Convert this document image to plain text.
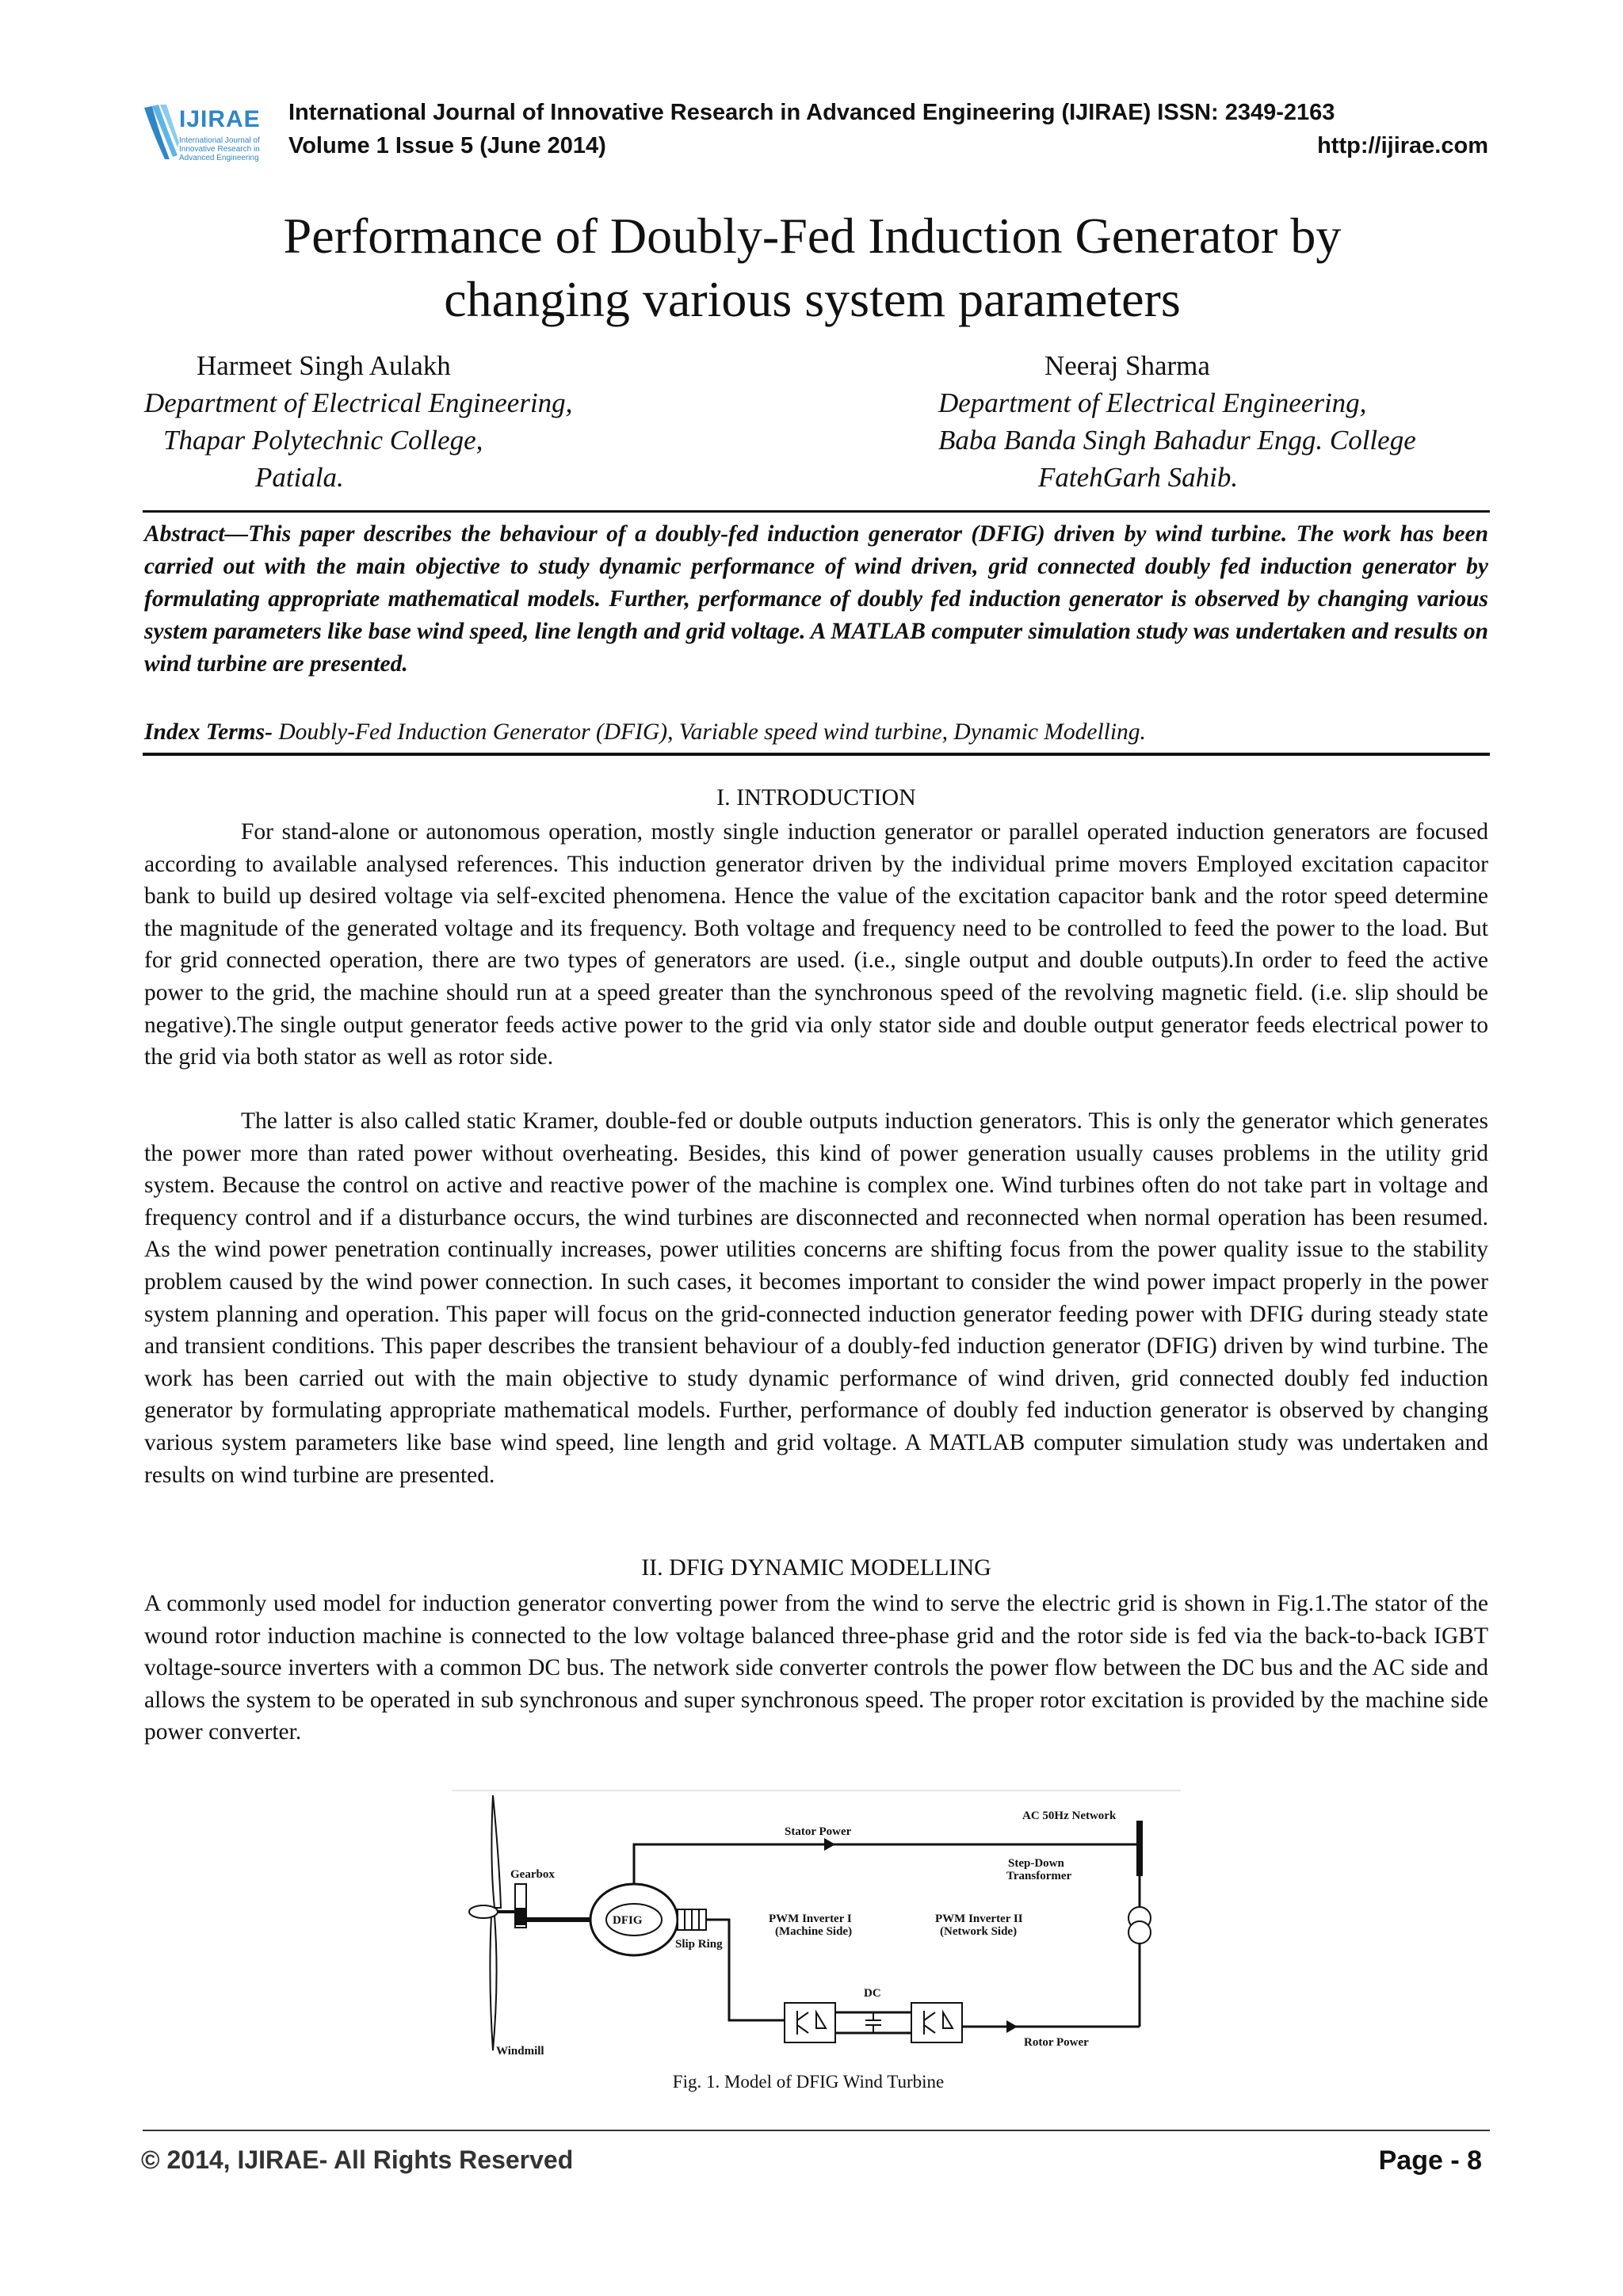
IJIRAE
International Journal of Innovative Research in Advanced Engineering
International Journal of Innovative Research in Advanced Engineering (IJIRAE) ISSN: 2349-2163
Volume 1 Issue 5 (June 2014)	http://ijirae.com
Performance of Doubly-Fed Induction Generator by
changing various system parameters
Harmeet Singh Aulakh
Department of Electrical Engineering,
Thapar Polytechnic College,
Patiala.
Neeraj Sharma
Department of Electrical Engineering,
Baba Banda Singh Bahadur Engg. College
FatehGarh Sahib.
Abstract—This paper describes the behaviour of a doubly-fed induction generator (DFIG) driven by wind turbine. The work has been carried out with the main objective to study dynamic performance of wind driven, grid connected doubly fed induction generator by formulating appropriate mathematical models. Further, performance of doubly fed induction generator is observed by changing various system parameters like base wind speed, line length and grid voltage. A MATLAB computer simulation study was undertaken and results on wind turbine are presented.
Index Terms- Doubly-Fed Induction Generator (DFIG), Variable speed wind turbine, Dynamic Modelling.
I. INTRODUCTION

For stand-alone or autonomous operation, mostly single induction generator or parallel operated induction generators are focused according to available analysed references. This induction generator driven by the individual prime movers Employed excitation capacitor bank to build up desired voltage via self-excited phenomena. Hence the value of the excitation capacitor bank and the rotor speed determine the magnitude of the generated voltage and its frequency. Both voltage and frequency need to be controlled to feed the power to the load. But for grid connected operation, there are two types of generators are used. (i.e., single output and double outputs).In order to feed the active power to the grid, the machine should run at a speed greater than the synchronous speed of the revolving magnetic field. (i.e. slip should be negative).The single output generator feeds active power to the grid via only stator side and double output generator feeds electrical power to the grid via both stator as well as rotor side.

The latter is also called static Kramer, double-fed or double outputs induction generators. This is only the generator which generates the power more than rated power without overheating. Besides, this kind of power generation usually causes problems in the utility grid system. Because the control on active and reactive power of the machine is complex one. Wind turbines often do not take part in voltage and frequency control and if a disturbance occurs, the wind turbines are disconnected and reconnected when normal operation has been resumed. As the wind power penetration continually increases, power utilities concerns are shifting focus from the power quality issue to the stability problem caused by the wind power connection. In such cases, it becomes important to consider the wind power impact properly in the power system planning and operation. This paper will focus on the grid-connected induction generator feeding power with DFIG during steady state and transient conditions. This paper describes the transient behaviour of a doubly-fed induction generator (DFIG) driven by wind turbine. The work has been carried out with the main objective to study dynamic performance of wind driven, grid connected doubly fed induction generator by formulating appropriate mathematical models. Further, performance of doubly fed induction generator is observed by changing various system parameters like base wind speed, line length and grid voltage. A MATLAB computer simulation study was undertaken and results on wind turbine are presented.

II. DFIG DYNAMIC MODELLING

A commonly used model for induction generator converting power from the wind to serve the electric grid is shown in Fig.1.The stator of the wound rotor induction machine is connected to the low voltage balanced three-phase grid and the rotor side is fed via the back-to-back IGBT voltage-source inverters with a common DC bus. The network side converter controls the power flow between the DC bus and the AC side and allows the system to be operated in sub synchronous and super synchronous speed. The proper rotor excitation is provided by the machine side power converter.

AC 50Hz Network
Stator Power
Gearbox
Step-Down
Transformer
DFIG	PWM Inverter I
(Machine Side)
PWM Inverter II
(Network Side)
Slip Ring
DC
Rotor Power
Windmill
Fig. 1. Model of DFIG Wind Turbine
© 2014, IJIRAE- All Rights Reserved	Page - 8
